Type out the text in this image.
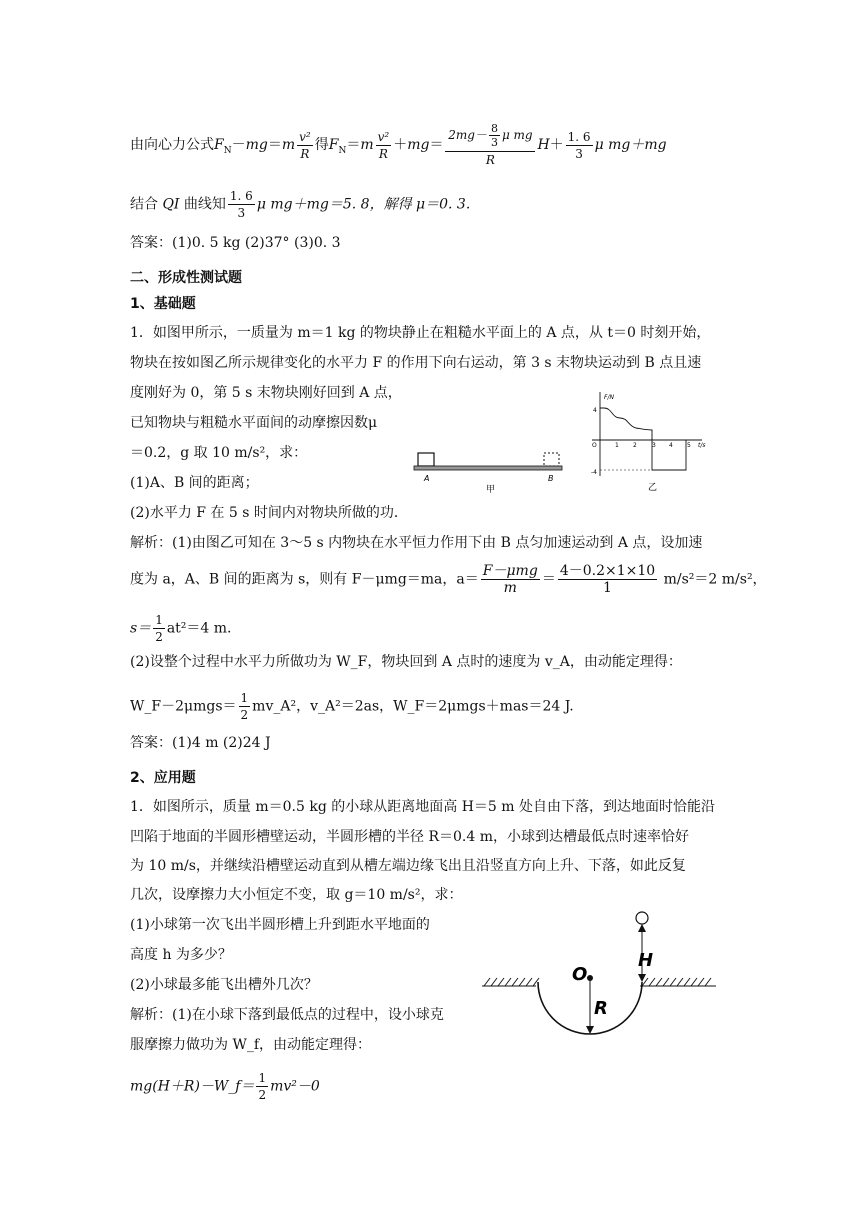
由向心力公式$F_N-mg=m \frac{\text{v²}}{R}$ 得$F_N=m \frac{\text{v²}}{R} +mg= \frac{2mg- \frac{8}{3} \mu mg}{R} H+ \frac{1. 6}{3}$ μ mg＋mg
结合 QI 曲线知 $\frac{1. 6}{3}$ μ mg＋mg＝5. 8，解得 μ＝0. 3.
答案：(1)0. 5 kg (2)37° (3)0. 3
二、形成性测试题
1、基础题
1．如图甲所示，一质量为 m＝1 kg 的物块静止在粗糙水平面上的 A 点，从 t＝0 时刻开始，
物块在按如图乙所示规律变化的水平力 F 的作用下向右运动，第 3 s 末物块运动到 B 点且速
度刚好为 0，第 5 s 末物块刚好回到 A 点，
已知物块与粗糙水平面间的动摩擦因数μ
＝0.2，g 取 10 m/s²，求：
(1)A、B 间的距离；
(2)水平力 F 在 5 s 时间内对物块所做的功．
A	B
甲
F/N
t/s
O
4
-4
1 2	3 4 5
乙
解析：(1)由图乙可知在 3～5 s 内物块在水平恒力作用下由 B 点匀加速运动到 A 点，设加速
度为 a，A、B 间的距离为 s，则有 F－μmg＝ma，$a= \frac{\text{F－μmg}}{m} = \frac{4-0.2\times 1\times 10}{1} m/s^2=2$ m/s²，
$s= \frac{1}{2} at^2=4$ m.
(2)设整个过程中水平力所做功为 W_F，物块回到 A 点时的速度为 v_A，由动能定理得：
W_F－2μmgs＝ $\frac{1}{2}$ mv_A²，v_A²＝2as，W_F＝2μmgs＋mas＝24 J.
答案：(1)4 m (2)24 J
2、应用题
1．如图所示，质量 m＝0.5 kg 的小球从距离地面高 H＝5 m 处自由下落，到达地面时恰能沿
凹陷于地面的半圆形槽壁运动，半圆形槽的半径 R＝0.4 m，小球到达槽最低点时速率恰好
为 10 m/s，并继续沿槽壁运动直到从槽左端边缘飞出且沿竖直方向上升、下落，如此反复
几次，设摩擦力大小恒定不变，取 g＝10 m/s²，求：
(1)小球第一次飞出半圆形槽上升到距水平地面的
高度 h 为多少？
(2)小球最多能飞出槽外几次？
解析：(1)在小球下落到最低点的过程中，设小球克
服摩擦力做功为 W_f，由动能定理得：
mg(H＋R)－W_f＝ $\frac{1}{2} mv^2-0$
O
R
H
